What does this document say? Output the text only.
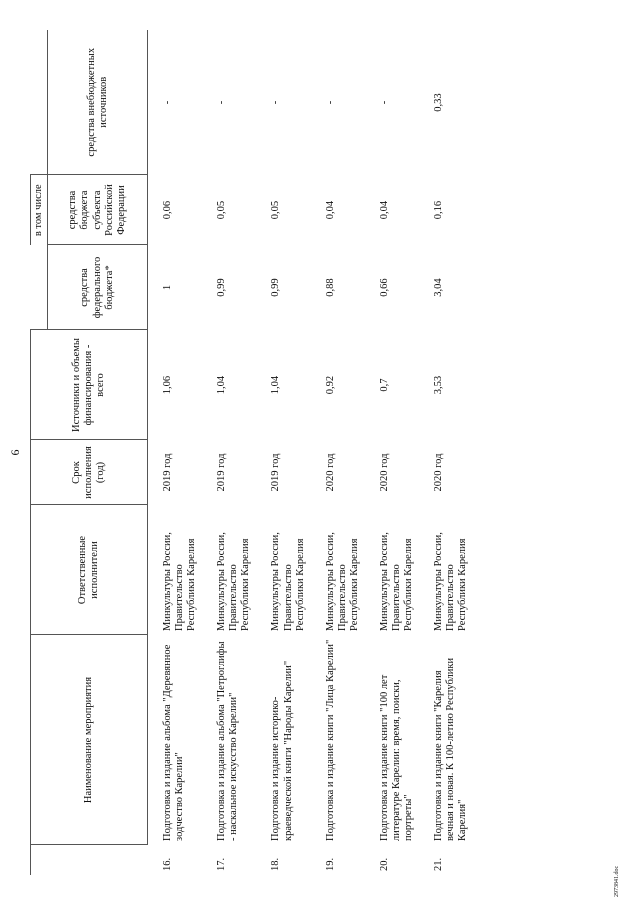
6
	Наименование мероприятия	Ответственные исполнители	Срок исполнения (год)	Источники и объемы финансирования - всего		в том числе	
					средства федерального бюджета*	средства бюджета субъекта Российской Федерации	средства внебюджетных источников
16.	Подготовка и издание альбома "Деревянное зодчество Карелии"	Минкультуры России, Правительство Республики Карелия	2019 год	1,06	1	0,06	-
17.	Подготовка и издание альбома "Петроглифы - наскальное искусство Карелии"	Минкультуры России, Правительство Республики Карелия	2019 год	1,04	0,99	0,05	-
18.	Подготовка и издание историко-краеведческой книги "Народы Карелии"	Минкультуры России, Правительство Республики Карелия	2019 год	1,04	0,99	0,05	-
19.	Подготовка и издание книги "Лица Карелии"	Минкультуры России, Правительство Республики Карелия	2020 год	0,92	0,88	0,04	-
20.	Подготовка и издание книги "100 лет литературе Карелии: время, поиски, портреты"	Минкультуры России, Правительство Республики Карелия	2020 год	0,7	0,66	0,04	-
21.	Подготовка и издание книги "Карелия вечная и новая. К 100-летию Республики Карелия"	Минкультуры России, Правительство Республики Карелия	2020 год	3,53	3,04	0,16	0,33
2973841.doc
